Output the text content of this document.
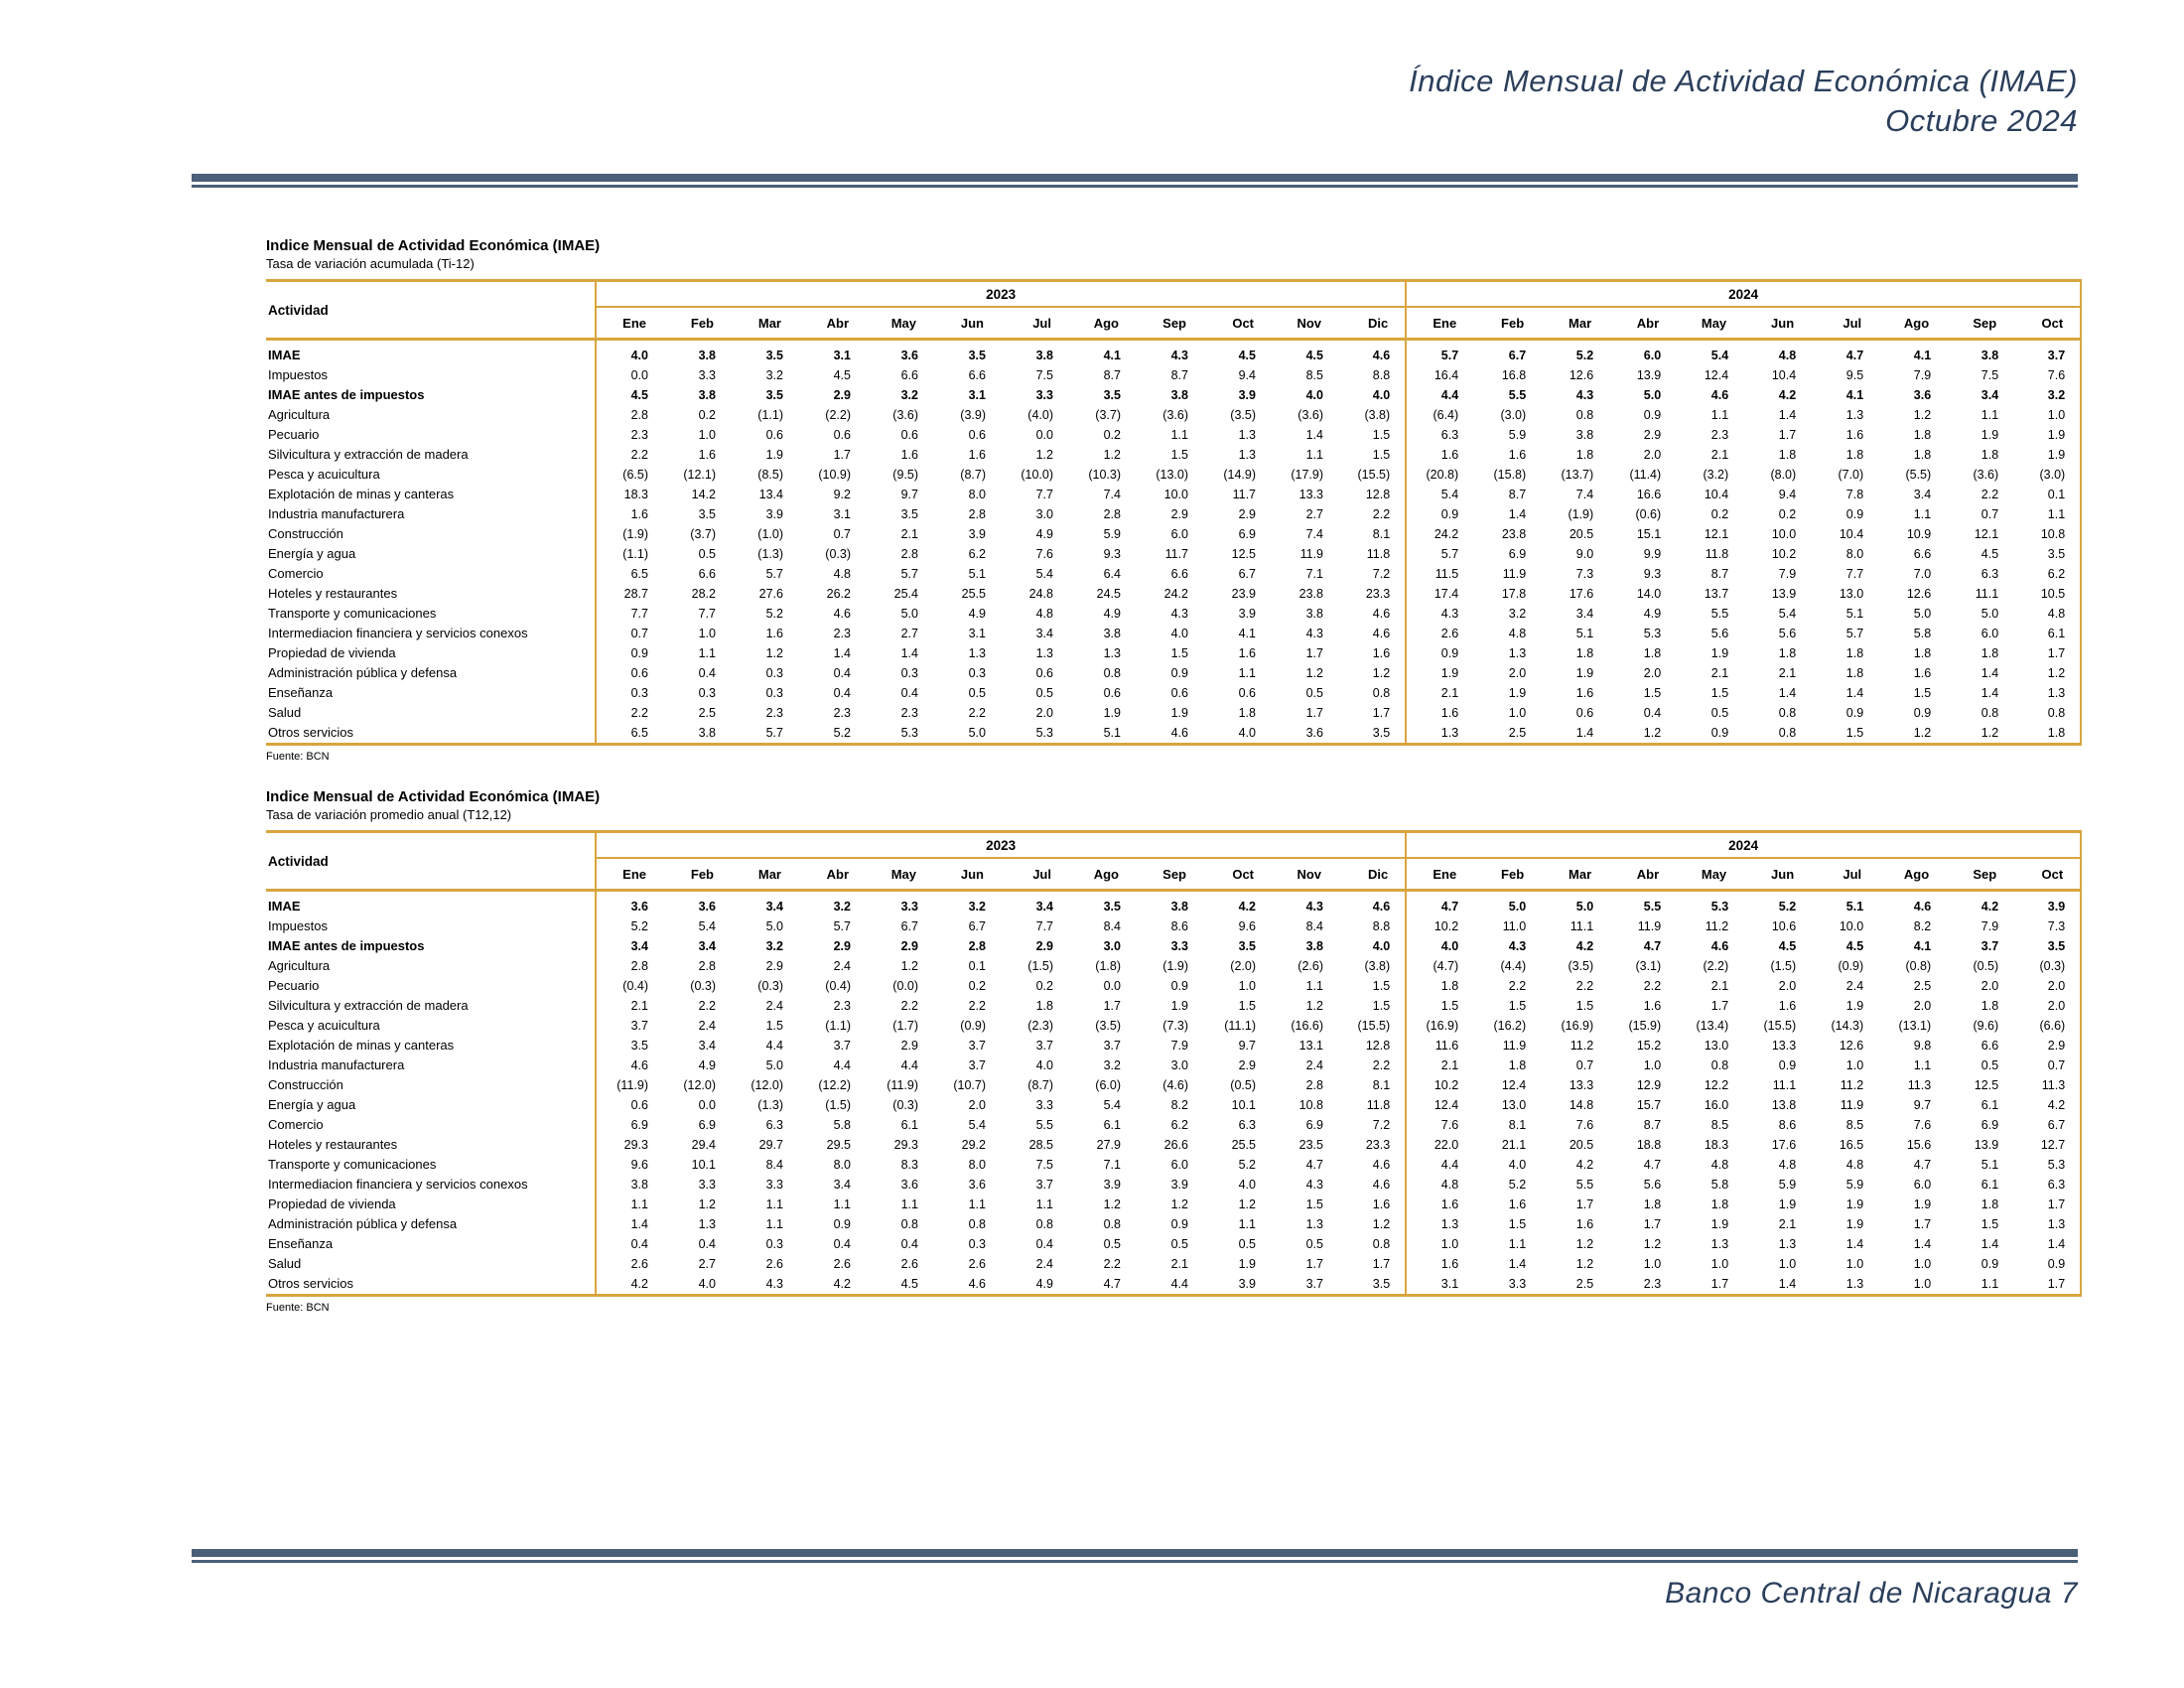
Índice Mensual de Actividad Económica (IMAE)
Octubre 2024
Indice Mensual de Actividad Económica (IMAE)
Tasa de variación acumulada (Ti-12)
Actividad	2023												2024									
	Ene	Feb	Mar	Abr	May	Jun	Jul	Ago	Sep	Oct	Nov	Dic	Ene	Feb	Mar	Abr	May	Jun	Jul	Ago	Sep	Oct
IMAE	4.0	3.8	3.5	3.1	3.6	3.5	3.8	4.1	4.3	4.5	4.5	4.6	5.7	6.7	5.2	6.0	5.4	4.8	4.7	4.1	3.8	3.7
Impuestos	0.0	3.3	3.2	4.5	6.6	6.6	7.5	8.7	8.7	9.4	8.5	8.8	16.4	16.8	12.6	13.9	12.4	10.4	9.5	7.9	7.5	7.6
IMAE antes de impuestos	4.5	3.8	3.5	2.9	3.2	3.1	3.3	3.5	3.8	3.9	4.0	4.0	4.4	5.5	4.3	5.0	4.6	4.2	4.1	3.6	3.4	3.2
Agricultura	2.8	0.2	(1.1)	(2.2)	(3.6)	(3.9)	(4.0)	(3.7)	(3.6)	(3.5)	(3.6)	(3.8)	(6.4)	(3.0)	0.8	0.9	1.1	1.4	1.3	1.2	1.1	1.0
Pecuario	2.3	1.0	0.6	0.6	0.6	0.6	0.0	0.2	1.1	1.3	1.4	1.5	6.3	5.9	3.8	2.9	2.3	1.7	1.6	1.8	1.9	1.9
Silvicultura y extracción de madera	2.2	1.6	1.9	1.7	1.6	1.6	1.2	1.2	1.5	1.3	1.1	1.5	1.6	1.6	1.8	2.0	2.1	1.8	1.8	1.8	1.8	1.9
Pesca y acuicultura	(6.5)	(12.1)	(8.5)	(10.9)	(9.5)	(8.7)	(10.0)	(10.3)	(13.0)	(14.9)	(17.9)	(15.5)	(20.8)	(15.8)	(13.7)	(11.4)	(3.2)	(8.0)	(7.0)	(5.5)	(3.6)	(3.0)
Explotación de minas y canteras	18.3	14.2	13.4	9.2	9.7	8.0	7.7	7.4	10.0	11.7	13.3	12.8	5.4	8.7	7.4	16.6	10.4	9.4	7.8	3.4	2.2	0.1
Industria manufacturera	1.6	3.5	3.9	3.1	3.5	2.8	3.0	2.8	2.9	2.9	2.7	2.2	0.9	1.4	(1.9)	(0.6)	0.2	0.2	0.9	1.1	0.7	1.1
Construcción	(1.9)	(3.7)	(1.0)	0.7	2.1	3.9	4.9	5.9	6.0	6.9	7.4	8.1	24.2	23.8	20.5	15.1	12.1	10.0	10.4	10.9	12.1	10.8
Energía y agua	(1.1)	0.5	(1.3)	(0.3)	2.8	6.2	7.6	9.3	11.7	12.5	11.9	11.8	5.7	6.9	9.0	9.9	11.8	10.2	8.0	6.6	4.5	3.5
Comercio	6.5	6.6	5.7	4.8	5.7	5.1	5.4	6.4	6.6	6.7	7.1	7.2	11.5	11.9	7.3	9.3	8.7	7.9	7.7	7.0	6.3	6.2
Hoteles y restaurantes	28.7	28.2	27.6	26.2	25.4	25.5	24.8	24.5	24.2	23.9	23.8	23.3	17.4	17.8	17.6	14.0	13.7	13.9	13.0	12.6	11.1	10.5
Transporte y comunicaciones	7.7	7.7	5.2	4.6	5.0	4.9	4.8	4.9	4.3	3.9	3.8	4.6	4.3	3.2	3.4	4.9	5.5	5.4	5.1	5.0	5.0	4.8
Intermediacion financiera y servicios conexos	0.7	1.0	1.6	2.3	2.7	3.1	3.4	3.8	4.0	4.1	4.3	4.6	2.6	4.8	5.1	5.3	5.6	5.6	5.7	5.8	6.0	6.1
Propiedad de vivienda	0.9	1.1	1.2	1.4	1.4	1.3	1.3	1.3	1.5	1.6	1.7	1.6	0.9	1.3	1.8	1.8	1.9	1.8	1.8	1.8	1.8	1.7
Administración pública y defensa	0.6	0.4	0.3	0.4	0.3	0.3	0.6	0.8	0.9	1.1	1.2	1.2	1.9	2.0	1.9	2.0	2.1	2.1	1.8	1.6	1.4	1.2
Enseñanza	0.3	0.3	0.3	0.4	0.4	0.5	0.5	0.6	0.6	0.6	0.5	0.8	2.1	1.9	1.6	1.5	1.5	1.4	1.4	1.5	1.4	1.3
Salud	2.2	2.5	2.3	2.3	2.3	2.2	2.0	1.9	1.9	1.8	1.7	1.7	1.6	1.0	0.6	0.4	0.5	0.8	0.9	0.9	0.8	0.8
Otros servicios	6.5	3.8	5.7	5.2	5.3	5.0	5.3	5.1	4.6	4.0	3.6	3.5	1.3	2.5	1.4	1.2	0.9	0.8	1.5	1.2	1.2	1.8
Fuente: BCN
Indice Mensual de Actividad Económica (IMAE)
Tasa de variación promedio anual (T12,12)
Actividad	2023												2024									
	Ene	Feb	Mar	Abr	May	Jun	Jul	Ago	Sep	Oct	Nov	Dic	Ene	Feb	Mar	Abr	May	Jun	Jul	Ago	Sep	Oct
IMAE	3.6	3.6	3.4	3.2	3.3	3.2	3.4	3.5	3.8	4.2	4.3	4.6	4.7	5.0	5.0	5.5	5.3	5.2	5.1	4.6	4.2	3.9
Impuestos	5.2	5.4	5.0	5.7	6.7	6.7	7.7	8.4	8.6	9.6	8.4	8.8	10.2	11.0	11.1	11.9	11.2	10.6	10.0	8.2	7.9	7.3
IMAE antes de impuestos	3.4	3.4	3.2	2.9	2.9	2.8	2.9	3.0	3.3	3.5	3.8	4.0	4.0	4.3	4.2	4.7	4.6	4.5	4.5	4.1	3.7	3.5
Agricultura	2.8	2.8	2.9	2.4	1.2	0.1	(1.5)	(1.8)	(1.9)	(2.0)	(2.6)	(3.8)	(4.7)	(4.4)	(3.5)	(3.1)	(2.2)	(1.5)	(0.9)	(0.8)	(0.5)	(0.3)
Pecuario	(0.4)	(0.3)	(0.3)	(0.4)	(0.0)	0.2	0.2	0.0	0.9	1.0	1.1	1.5	1.8	2.2	2.2	2.2	2.1	2.0	2.4	2.5	2.0	2.0
Silvicultura y extracción de madera	2.1	2.2	2.4	2.3	2.2	2.2	1.8	1.7	1.9	1.5	1.2	1.5	1.5	1.5	1.5	1.6	1.7	1.6	1.9	2.0	1.8	2.0
Pesca y acuicultura	3.7	2.4	1.5	(1.1)	(1.7)	(0.9)	(2.3)	(3.5)	(7.3)	(11.1)	(16.6)	(15.5)	(16.9)	(16.2)	(16.9)	(15.9)	(13.4)	(15.5)	(14.3)	(13.1)	(9.6)	(6.6)
Explotación de minas y canteras	3.5	3.4	4.4	3.7	2.9	3.7	3.7	3.7	7.9	9.7	13.1	12.8	11.6	11.9	11.2	15.2	13.0	13.3	12.6	9.8	6.6	2.9
Industria manufacturera	4.6	4.9	5.0	4.4	4.4	3.7	4.0	3.2	3.0	2.9	2.4	2.2	2.1	1.8	0.7	1.0	0.8	0.9	1.0	1.1	0.5	0.7
Construcción	(11.9)	(12.0)	(12.0)	(12.2)	(11.9)	(10.7)	(8.7)	(6.0)	(4.6)	(0.5)	2.8	8.1	10.2	12.4	13.3	12.9	12.2	11.1	11.2	11.3	12.5	11.3
Energía y agua	0.6	0.0	(1.3)	(1.5)	(0.3)	2.0	3.3	5.4	8.2	10.1	10.8	11.8	12.4	13.0	14.8	15.7	16.0	13.8	11.9	9.7	6.1	4.2
Comercio	6.9	6.9	6.3	5.8	6.1	5.4	5.5	6.1	6.2	6.3	6.9	7.2	7.6	8.1	7.6	8.7	8.5	8.6	8.5	7.6	6.9	6.7
Hoteles y restaurantes	29.3	29.4	29.7	29.5	29.3	29.2	28.5	27.9	26.6	25.5	23.5	23.3	22.0	21.1	20.5	18.8	18.3	17.6	16.5	15.6	13.9	12.7
Transporte y comunicaciones	9.6	10.1	8.4	8.0	8.3	8.0	7.5	7.1	6.0	5.2	4.7	4.6	4.4	4.0	4.2	4.7	4.8	4.8	4.8	4.7	5.1	5.3
Intermediacion financiera y servicios conexos	3.8	3.3	3.3	3.4	3.6	3.6	3.7	3.9	3.9	4.0	4.3	4.6	4.8	5.2	5.5	5.6	5.8	5.9	5.9	6.0	6.1	6.3
Propiedad de vivienda	1.1	1.2	1.1	1.1	1.1	1.1	1.1	1.2	1.2	1.2	1.5	1.6	1.6	1.6	1.7	1.8	1.8	1.9	1.9	1.9	1.8	1.7
Administración pública y defensa	1.4	1.3	1.1	0.9	0.8	0.8	0.8	0.8	0.9	1.1	1.3	1.2	1.3	1.5	1.6	1.7	1.9	2.1	1.9	1.7	1.5	1.3
Enseñanza	0.4	0.4	0.3	0.4	0.4	0.3	0.4	0.5	0.5	0.5	0.5	0.8	1.0	1.1	1.2	1.2	1.3	1.3	1.4	1.4	1.4	1.4
Salud	2.6	2.7	2.6	2.6	2.6	2.6	2.4	2.2	2.1	1.9	1.7	1.7	1.6	1.4	1.2	1.0	1.0	1.0	1.0	1.0	0.9	0.9
Otros servicios	4.2	4.0	4.3	4.2	4.5	4.6	4.9	4.7	4.4	3.9	3.7	3.5	3.1	3.3	2.5	2.3	1.7	1.4	1.3	1.0	1.1	1.7
Fuente: BCN
Banco Central de Nicaragua 7
